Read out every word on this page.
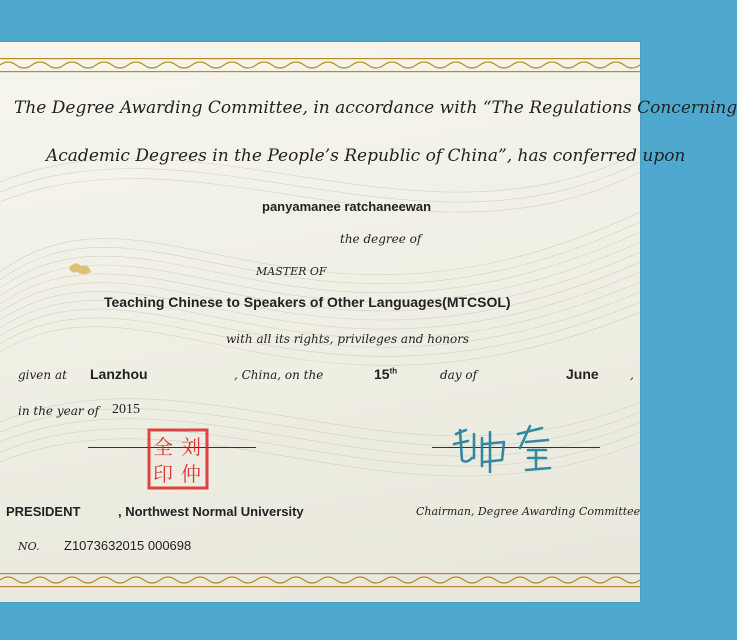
The Degree Awarding Committee, in accordance with “The Regulations Concerning
Academic Degrees in the People’s Republic of China”, has conferred upon
panyamanee ratchaneewan
the degree of
MASTER OF
Teaching Chinese to Speakers of Other Languages(MTCSOL)
with all its rights, privileges and honors
given at Lanzhou	, China, on the	15th	day of	June	,
in the year of 2015
全 刘
印 仲
PRESIDENT	, Northwest Normal University	Chairman, Degree Awarding Committee
NO. Z1073632015 000698
